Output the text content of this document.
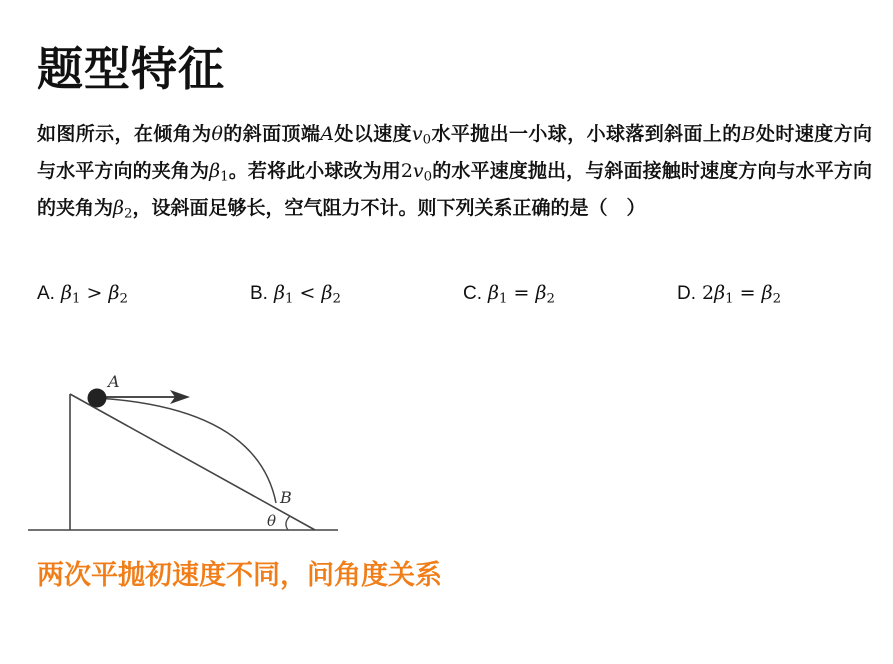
题型特征
如图所示，在倾角为θ的斜面顶端A处以速度$v_0$水平抛出一小球，小球落到斜面上的B处时速度方向与水平方向的夹角为$\beta_1$。若将此小球改为用$2v_0$的水平速度抛出，与斜面接触时速度方向与水平方向的夹角为$\beta_2$，设斜面足够长，空气阻力不计。则下列关系正确的是（　）
A. $\beta_1 > \beta_2$	B. $\beta_1 < \beta_2$	C. $\beta_1 = \beta_2$	D. $2\beta_1 = \beta_2$
A
B
θ
两次平抛初速度不同，问角度关系
